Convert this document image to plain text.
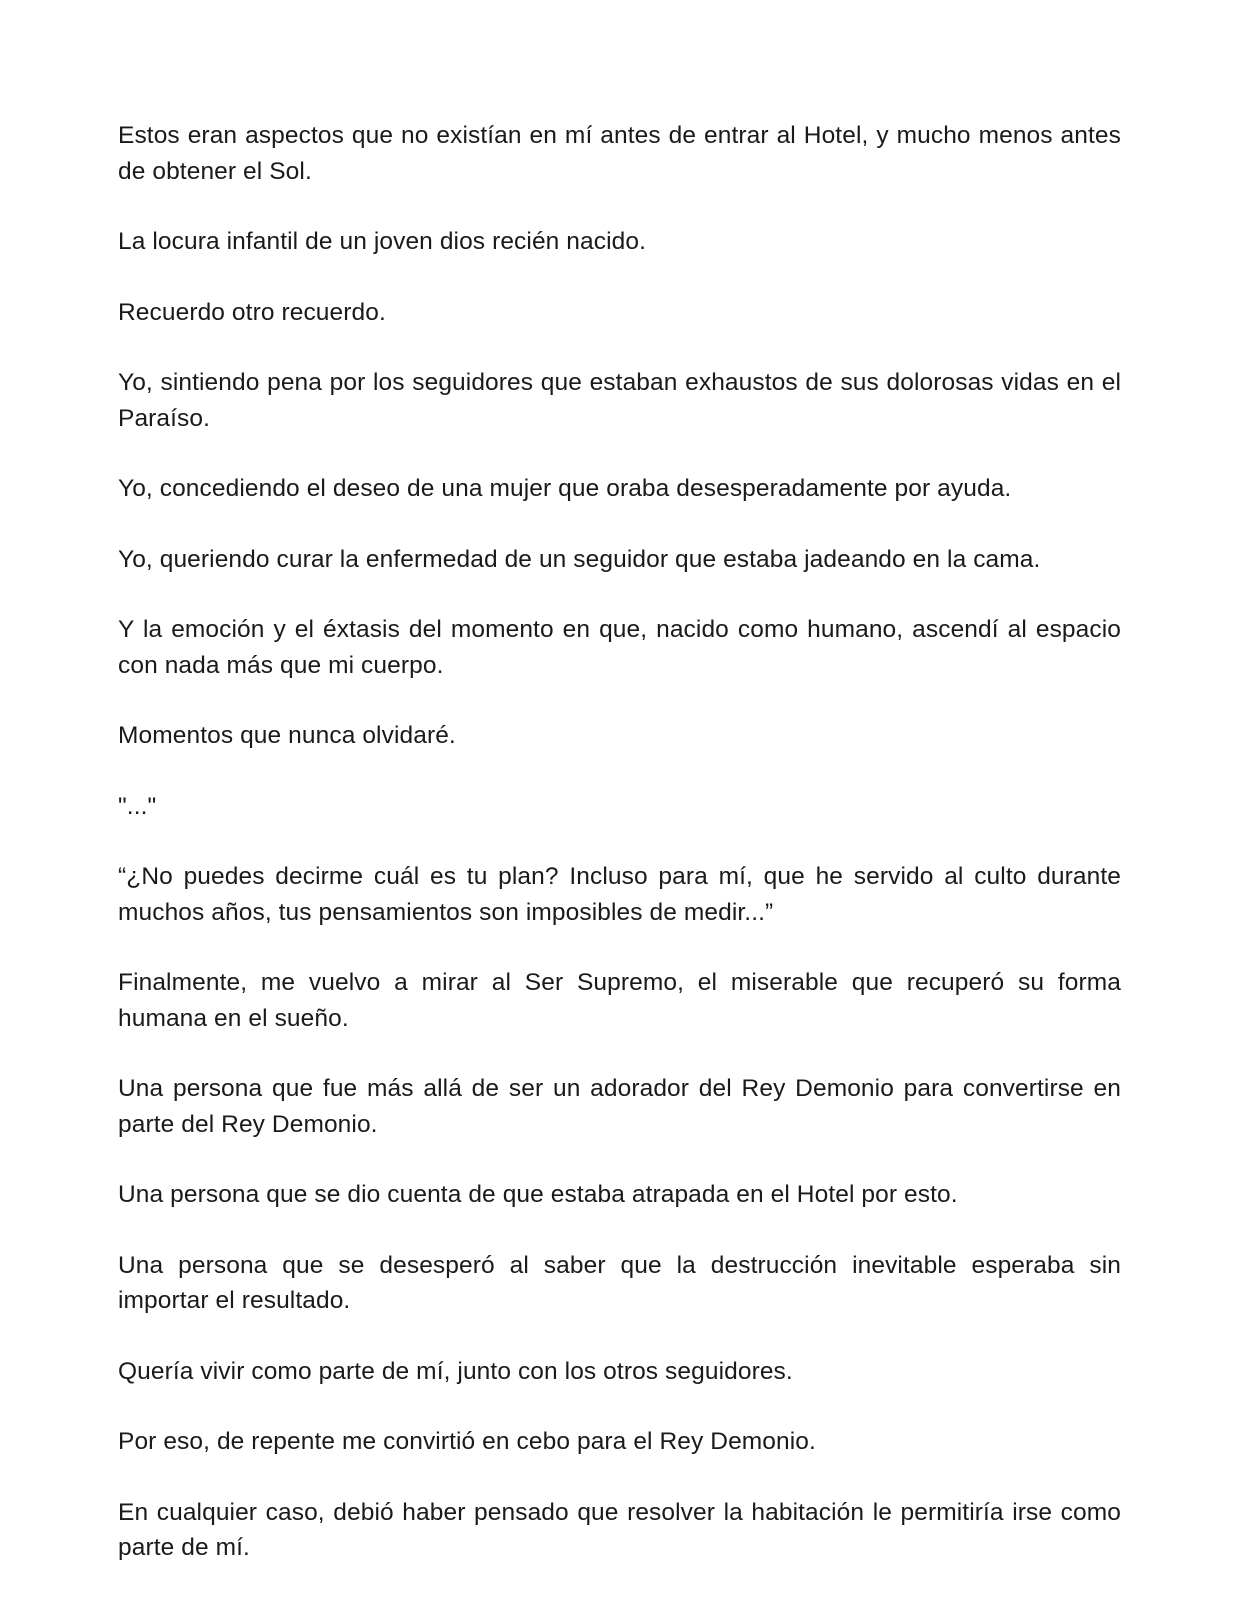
Estos eran aspectos que no existían en mí antes de entrar al Hotel, y mucho menos antes de obtener el Sol.

La locura infantil de un joven dios recién nacido.

Recuerdo otro recuerdo.

Yo, sintiendo pena por los seguidores que estaban exhaustos de sus dolorosas vidas en el Paraíso.

Yo, concediendo el deseo de una mujer que oraba desesperadamente por ayuda.

Yo, queriendo curar la enfermedad de un seguidor que estaba jadeando en la cama.

Y la emoción y el éxtasis del momento en que, nacido como humano, ascendí al espacio con nada más que mi cuerpo.

Momentos que nunca olvidaré.

"..."

“¿No puedes decirme cuál es tu plan? Incluso para mí, que he servido al culto durante muchos años, tus pensamientos son imposibles de medir...”

Finalmente, me vuelvo a mirar al Ser Supremo, el miserable que recuperó su forma humana en el sueño.

Una persona que fue más allá de ser un adorador del Rey Demonio para convertirse en parte del Rey Demonio.

Una persona que se dio cuenta de que estaba atrapada en el Hotel por esto.

Una persona que se desesperó al saber que la destrucción inevitable esperaba sin importar el resultado.

Quería vivir como parte de mí, junto con los otros seguidores.

Por eso, de repente me convirtió en cebo para el Rey Demonio.

En cualquier caso, debió haber pensado que resolver la habitación le permitiría irse como parte de mí.
